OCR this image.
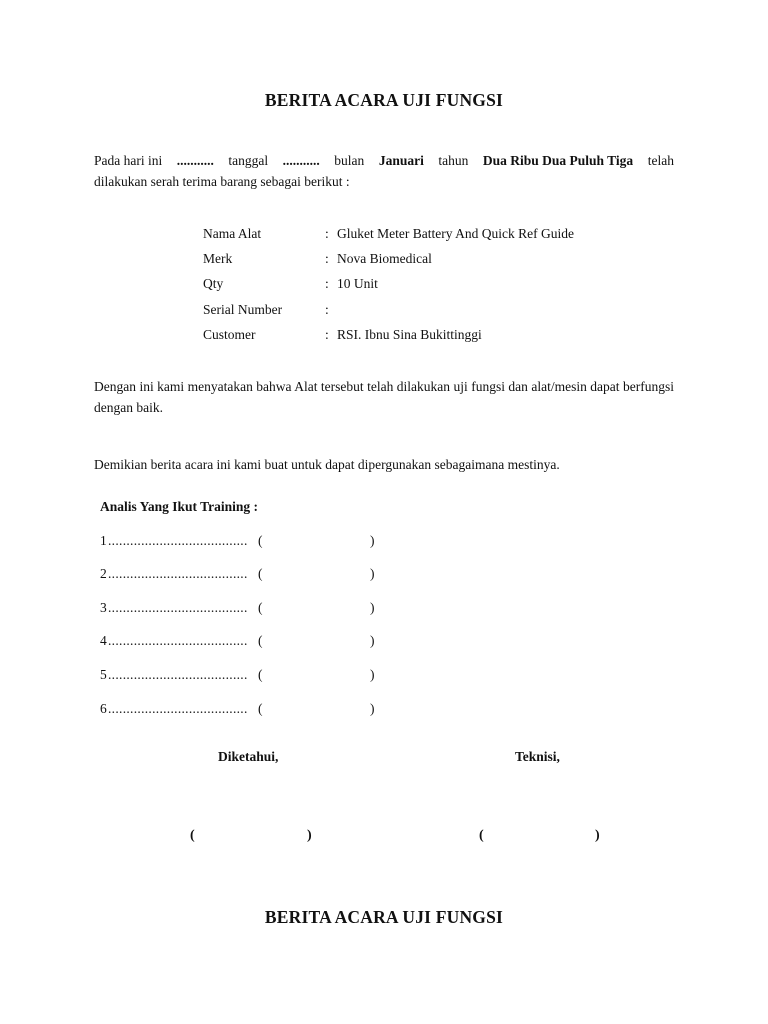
BERITA ACARA UJI FUNGSI
Pada hari ini ........... tanggal ........... bulan Januari tahun Dua Ribu Dua Puluh Tiga telah
dilakukan serah terima barang sebagai berikut :
Nama Alat	: Gluket Meter Battery And Quick Ref Guide
Merk	: Nova Biomedical
Qty	: 10 Unit
Serial Number	:
Customer	: RSI. Ibnu Sina Bukittinggi
Dengan ini kami menyatakan bahwa Alat tersebut telah dilakukan uji fungsi dan alat/mesin dapat berfungsi dengan baik.
Demikian berita acara ini kami buat untuk dapat dipergunakan sebagaimana mestinya.
Analis Yang Ikut Training :
1 ...................................... (	)
2 ...................................... (	)
3 ...................................... (	)
4 ...................................... (	)
5 ...................................... (	)
6 ...................................... (	)
Diketahui,	Teknisi,
(	)	(	)
BERITA ACARA UJI FUNGSI
